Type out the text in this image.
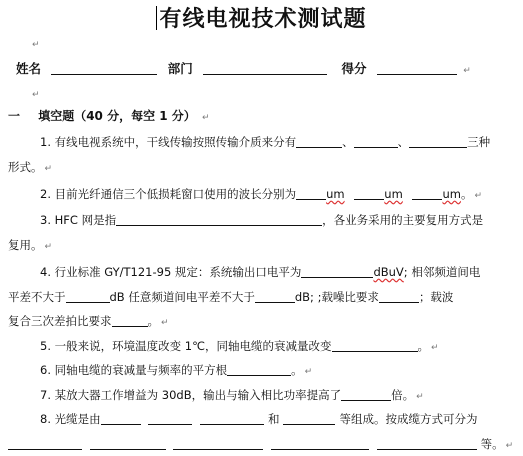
有线电视技术测试题
↵
姓名	部门	得分	↵
↵
一 填空题（40 分，每空 1 分） ↵
1. 有线电视系统中，干线传输按照传输介质来分有	、	、	三种
形式。 ↵
2. 目前光纤通信三个低损耗窗口使用的波长分别为	um	um	um。 ↵
3. HFC 网是指	，各业务采用的主要复用方式是
复用。 ↵
4. 行业标准 GY/T121-95 规定：系统输出口电平为	dBuV; 相邻频道间电
平差不大于	dB 任意频道间电平差不大于	dB; ;载噪比要求	；载波
复合三次差拍比要求	。 ↵
5. 一般来说，环境温度改变 1℃，同轴电缆的衰减量改变	。 ↵
6. 同轴电缆的衰减量与频率的平方根	。 ↵
7. 某放大器工作增益为 30dB，输出与输入相比功率提高了	倍。 ↵
8. 光缆是由	和	等组成。按成缆方式可分为
等。 ↵
